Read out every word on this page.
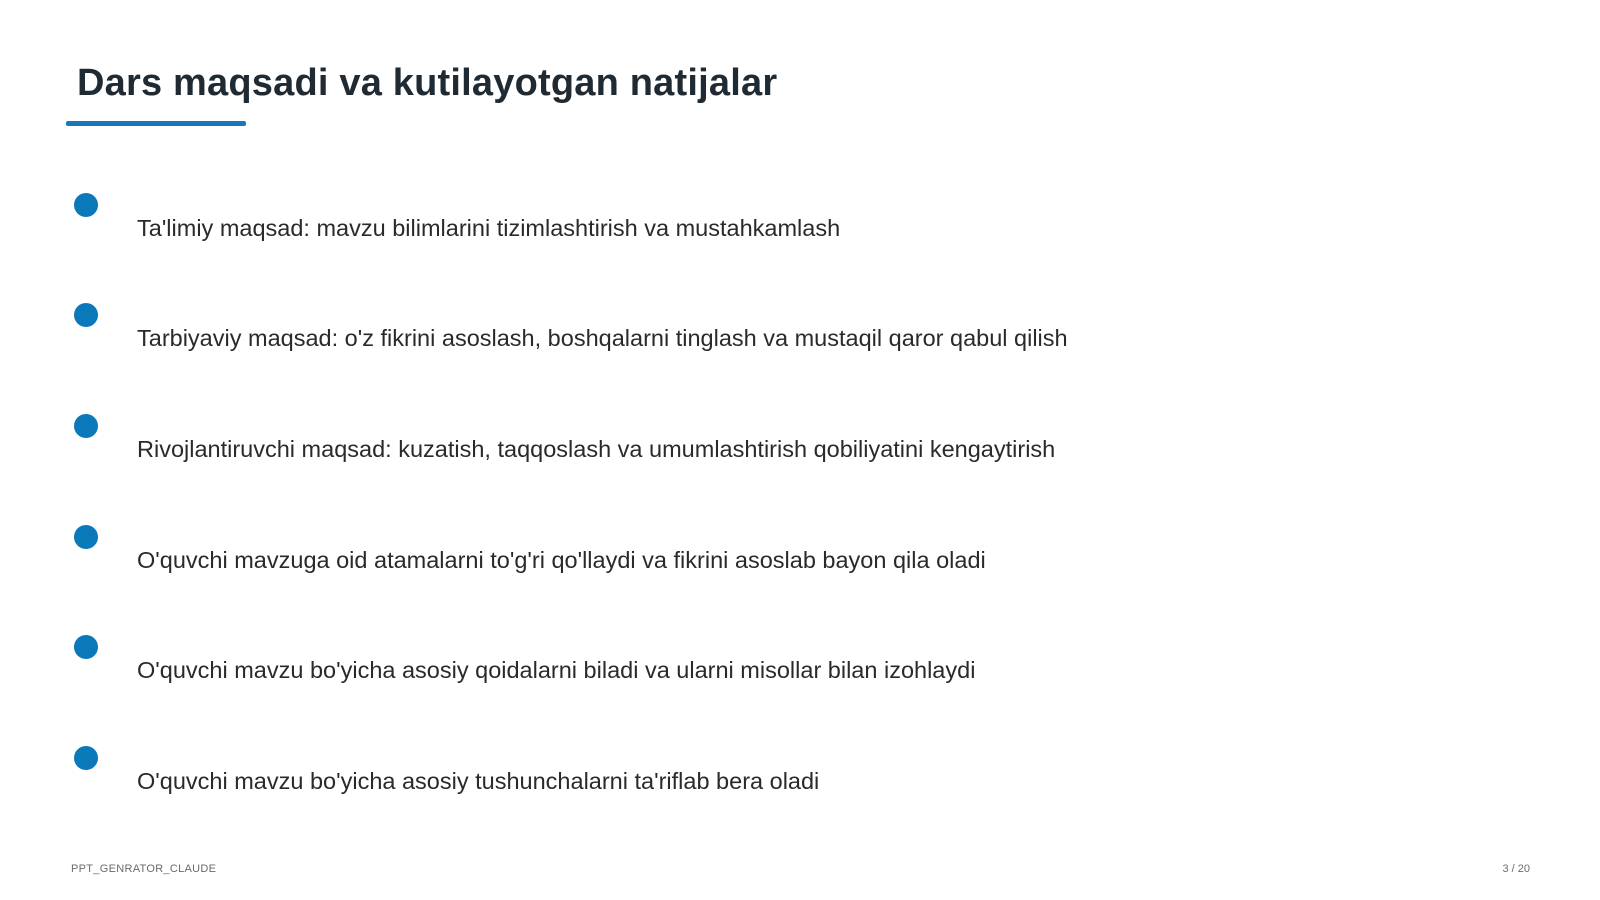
Dars maqsadi va kutilayotgan natijalar
Ta'limiy maqsad: mavzu bilimlarini tizimlashtirish va mustahkamlash
Tarbiyaviy maqsad: o'z fikrini asoslash, boshqalarni tinglash va mustaqil qaror qabul qilish
Rivojlantiruvchi maqsad: kuzatish, taqqoslash va umumlashtirish qobiliyatini kengaytirish
O'quvchi mavzuga oid atamalarni to'g'ri qo'llaydi va fikrini asoslab bayon qila oladi
O'quvchi mavzu bo'yicha asosiy qoidalarni biladi va ularni misollar bilan izohlaydi
O'quvchi mavzu bo'yicha asosiy tushunchalarni ta'riflab bera oladi
PPT_GENRATOR_CLAUDE	3 / 20
